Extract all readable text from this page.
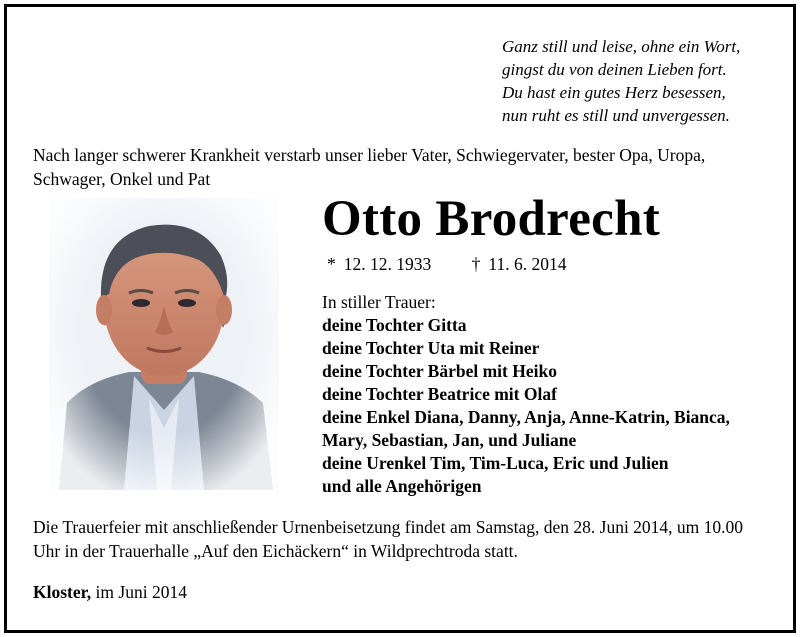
Ganz still und leise, ohne ein Wort,
gingst du von deinen Lieben fort.
Du hast ein gutes Herz besessen,
nun ruht es still und unvergessen.
Nach langer schwerer Krankheit verstarb unser lieber Vater, Schwiegervater, bester Opa, Uropa, Schwager, Onkel und Pat
Otto Brodrecht
* 12. 12. 1933 † 11. 6. 2014
In stiller Trauer:
deine Tochter Gitta
deine Tochter Uta mit Reiner
deine Tochter Bärbel mit Heiko
deine Tochter Beatrice mit Olaf
deine Enkel Diana, Danny, Anja, Anne-Katrin, Bianca,
Mary, Sebastian, Jan, und Juliane
deine Urenkel Tim, Tim-Luca, Eric und Julien
und alle Angehörigen
Die Trauerfeier mit anschließender Urnenbeisetzung findet am Samstag, den 28. Juni 2014, um 10.00 Uhr in der Trauerhalle „Auf den Eichäckern“ in Wildprechtroda statt.
Kloster, im Juni 2014
